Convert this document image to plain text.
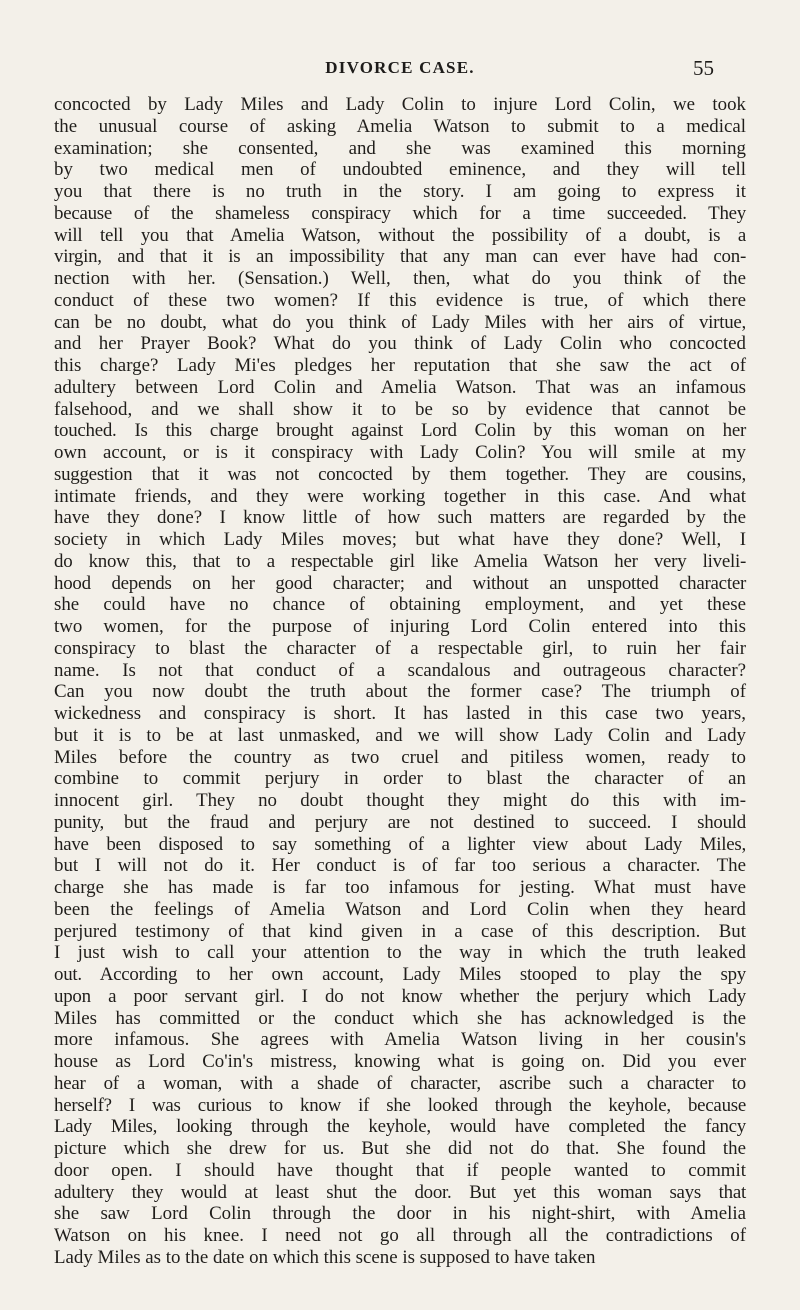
DIVORCE CASE.	55
concocted by Lady Miles and Lady Colin to injure Lord Colin, we took
the unusual course of asking Amelia Watson to submit to a medical
examination; she consented, and she was examined this morning
by two medical men of undoubted eminence, and they will tell
you that there is no truth in the story. I am going to express it
because of the shameless conspiracy which for a time succeeded. They
will tell you that Amelia Watson, without the possibility of a doubt, is a
virgin, and that it is an impossibility that any man can ever have had con-
nection with her. (Sensation.) Well, then, what do you think of the
conduct of these two women? If this evidence is true, of which there
can be no doubt, what do you think of Lady Miles with her airs of virtue,
and her Prayer Book? What do you think of Lady Colin who concocted
this charge? Lady Mi'es pledges her reputation that she saw the act of
adultery between Lord Colin and Amelia Watson. That was an infamous
falsehood, and we shall show it to be so by evidence that cannot be
touched. Is this charge brought against Lord Colin by this woman on her
own account, or is it conspiracy with Lady Colin? You will smile at my
suggestion that it was not concocted by them together. They are cousins,
intimate friends, and they were working together in this case. And what
have they done? I know little of how such matters are regarded by the
society in which Lady Miles moves; but what have they done? Well, I
do know this, that to a respectable girl like Amelia Watson her very liveli-
hood depends on her good character; and without an unspotted character
she could have no chance of obtaining employment, and yet these
two women, for the purpose of injuring Lord Colin entered into this
conspiracy to blast the character of a respectable girl, to ruin her fair
name. Is not that conduct of a scandalous and outrageous character?
Can you now doubt the truth about the former case? The triumph of
wickedness and conspiracy is short. It has lasted in this case two years,
but it is to be at last unmasked, and we will show Lady Colin and Lady
Miles before the country as two cruel and pitiless women, ready to
combine to commit perjury in order to blast the character of an
innocent girl. They no doubt thought they might do this with im-
punity, but the fraud and perjury are not destined to succeed. I should
have been disposed to say something of a lighter view about Lady Miles,
but I will not do it. Her conduct is of far too serious a character. The
charge she has made is far too infamous for jesting. What must have
been the feelings of Amelia Watson and Lord Colin when they heard
perjured testimony of that kind given in a case of this description. But
I just wish to call your attention to the way in which the truth leaked
out. According to her own account, Lady Miles stooped to play the spy
upon a poor servant girl. I do not know whether the perjury which Lady
Miles has committed or the conduct which she has acknowledged is the
more infamous. She agrees with Amelia Watson living in her cousin's
house as Lord Co'in's mistress, knowing what is going on. Did you ever
hear of a woman, with a shade of character, ascribe such a character to
herself? I was curious to know if she looked through the keyhole, because
Lady Miles, looking through the keyhole, would have completed the fancy
picture which she drew for us. But she did not do that. She found the
door open. I should have thought that if people wanted to commit
adultery they would at least shut the door. But yet this woman says that
she saw Lord Colin through the door in his night-shirt, with Amelia
Watson on his knee. I need not go all through all the contradictions of
Lady Miles as to the date on which this scene is supposed to have taken
